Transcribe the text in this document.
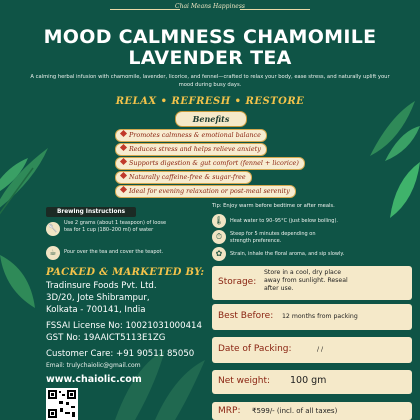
Chai Means Happiness
MOOD CALMNESS CHAMOMILE
LAVENDER TEA
A calming herbal infusion with chamomile, lavender, licorice, and fennel—crafted to relax your body, ease stress, and naturally uplift your mood during busy days.
RELAX • REFRESH • RESTORE
Benefits
Promotes calmness & emotional balance
Reduces stress and helps relieve anxiety
Supports digestion & gut comfort (fennel + licorice)
Naturally caffeine-free & sugar-free
Ideal for evening relaxation or post-meal serenity
Brewing Instructions
🥄
Use 2 grams (about 1 teaspoon) of loose tea for 1 cup (180–200 ml) of water
☕	Pour over the tea and cover the teapot.
Tip: Enjoy warm before bedtime or after meals.
🌡	Heat water to 90–95°C (just below boiling).
⏱	Steep for 5 minutes depending on strength preference.
✿	Strain, inhale the floral aroma, and sip slowly.
PACKED & MARKETED BY:
Tradinsure Foods Pvt. Ltd.
3D/20, Jote Shibrampur,
Kolkata - 700141, India
FSSAI License No: 10021031000414
GST No: 19AAICT5113E1ZG
Customer Care: +91 90511 85050
Email: trulychaiolic@gmail.com
www.chaiolic.com
Storage:
Store in a cool, dry place away from sunlight. Reseal after use.
Best Before: 12 months from packing
Date of Packing:	/ /
Net weight: 100 gm
MRP: ₹599/- (incl. of all taxes)
